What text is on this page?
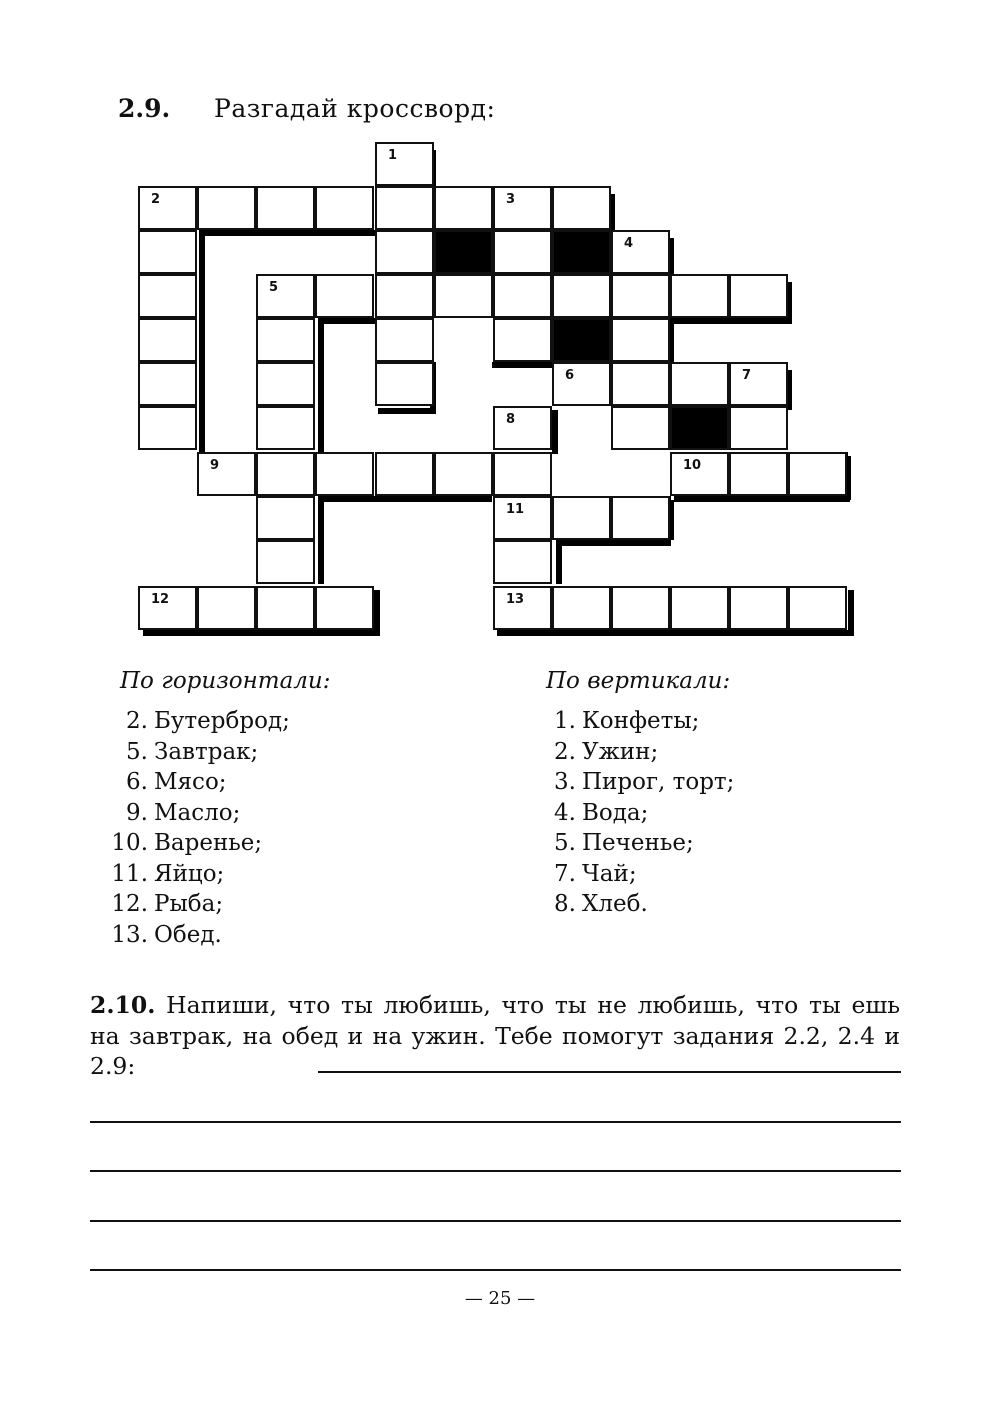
2.9. Разгадай кроссворд:
1
2	3
4
5
6	7
8
9	10
11
12	13
По горизонтали:
2. Бутерброд;
5. Завтрак;
6. Мясо;
9. Масло;
10. Варенье;
11. Яйцо;
12. Рыба;
13. Обед.
По вертикали:
1. Конфеты;
2. Ужин;
3. Пирог, торт;
4. Вода;
5. Печенье;
7. Чай;
8. Хлеб.
2.10. Напиши, что ты любишь, что ты не любишь, что ты ешь на завтрак, на обед и на ужин. Тебе помогут задания 2.2, 2.4 и 2.9:
— 25 —
